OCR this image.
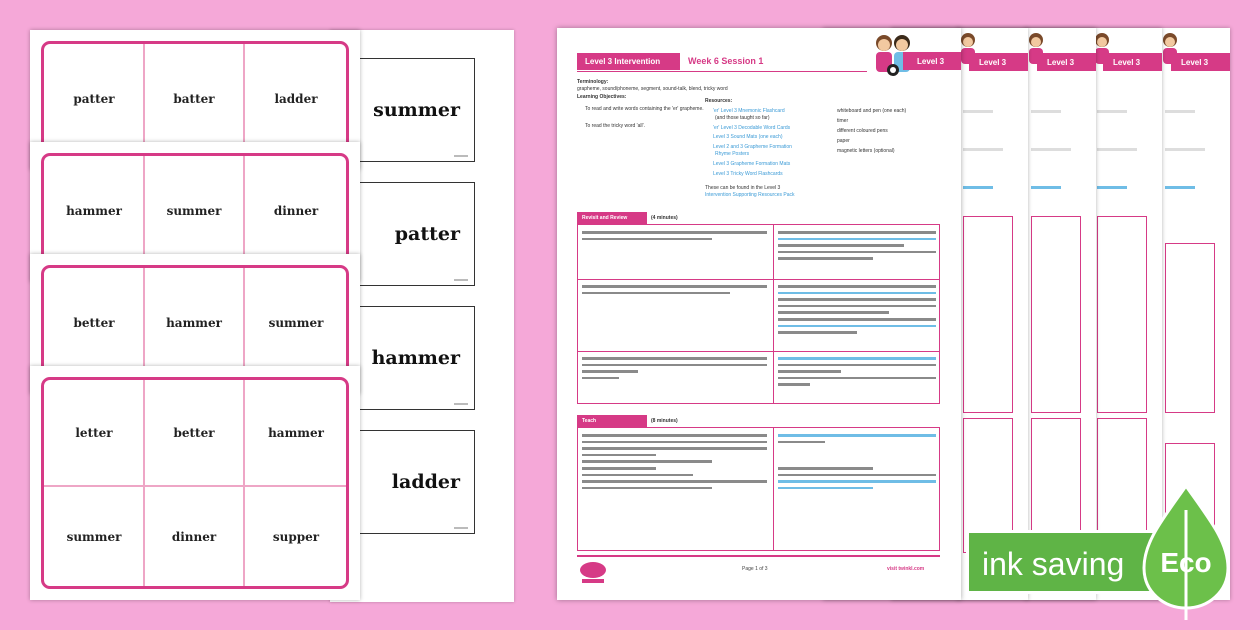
summer
patter
hammer
ladder
patter	batter	ladder
hammer	summer	dinner
better	hammer	summer
letter	better	hammer
summer	dinner	supper
Level 3
Level 3
Level 3
Level 3
Level 3 Intervention	Week 6 Session 1	Level 3
Terminology:
grapheme, sound/phoneme, segment, sound-talk, blend, tricky word
Learning Objectives:
To read and write words containing the 'er' grapheme.
To read the tricky word 'all'.
Resources:
'er' Level 3 Mnemonic Flashcard
(and those taught so far)
'er' Level 3 Decodable Word Cards
Level 3 Sound Mats (one each)
Level 2 and 3 Grapheme Formation
Rhyme Posters
Level 3 Grapheme Formation Mats
Level 3 Tricky Word Flashcards
These can be found in the Level 3
Intervention Supporting Resources Pack
whiteboard and pen (one each)
timer
different coloured pens
paper
magnetic letters (optional)
Revisit and Review	(4 minutes)
Teach	(8 minutes)
Page 1 of 3	visit twinkl.com ink saving Eco
